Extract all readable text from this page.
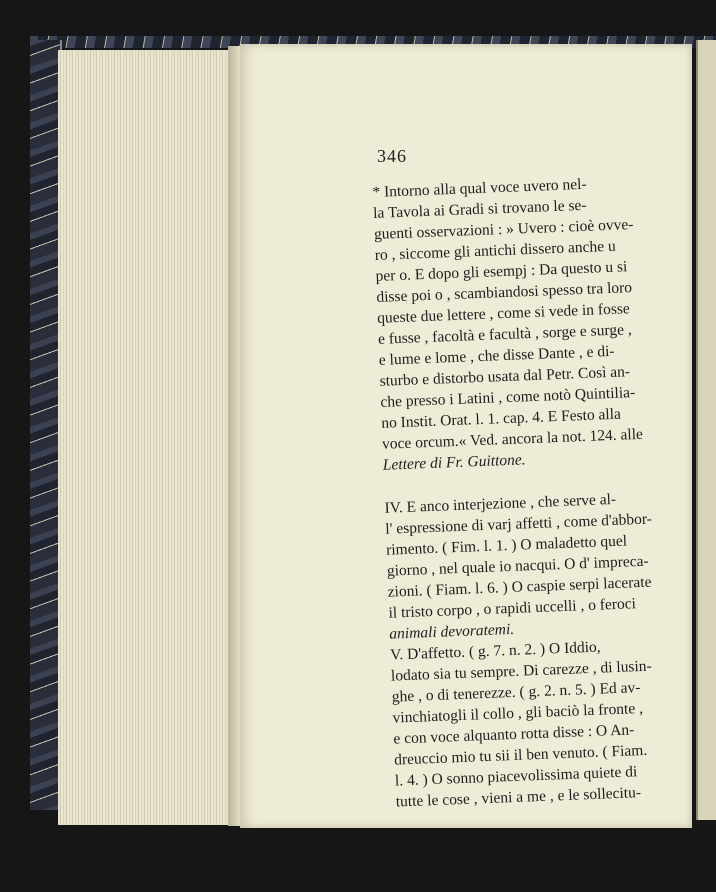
346
* Intorno alla qual voce uvero nel-
la Tavola ai Gradi si trovano le se-
guenti osservazioni : » Uvero : cioè ovve-
ro , siccome gli antichi dissero anche u
per o. E dopo gli esempj : Da questo u si
disse poi o , scambiandosi spesso tra loro
queste due lettere , come si vede in fosse
e fusse , facoltà e facultà , sorge e surge ,
e lume e lome , che disse Dante , e di-
sturbo e distorbo usata dal Petr. Così an-
che presso i Latini , come notò Quintilia-
no Instit. Orat. l. 1. cap. 4. E Festo alla
voce orcum.« Ved. ancora la not. 124. alle
Lettere di Fr. Guittone.
IV. E anco interjezione , che serve al-
l' espressione di varj affetti , come d'abbor-
rimento. ( Fim. l. 1. ) O maladetto quel
giorno , nel quale io nacqui. O d' impreca-
zioni. ( Fiam. l. 6. ) O caspie serpi lacerate
il tristo corpo , o rapidi uccelli , o feroci
animali devoratemi.
V. D'affetto. ( g. 7. n. 2. ) O Iddio,
lodato sia tu sempre. Di carezze , di lusin-
ghe , o di tenerezze. ( g. 2. n. 5. ) Ed av-
vinchiatogli il collo , gli baciò la fronte ,
e con voce alquanto rotta disse : O An-
dreuccio mio tu sii il ben venuto. ( Fiam.
l. 4. ) O sonno piacevolissima quiete di
tutte le cose , vieni a me , e le sollecitu-
